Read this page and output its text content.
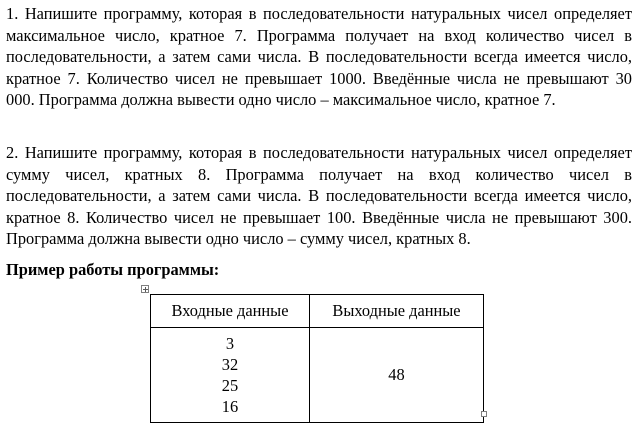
1. Напишите программу, которая в последовательности натуральных чисел определяет максимальное число, кратное 7. Программа получает на вход количество чисел в последовательности, а затем сами числа. В последовательности всегда имеется число, кратное 7. Количество чисел не превышает 1000. Введённые числа не превышают 30 000. Программа должна вывести одно число – максимальное число, кратное 7.

2. Напишите программу, которая в последовательности натуральных чисел определяет сумму чисел, кратных 8. Программа получает на вход количество чисел в последовательности, а затем сами числа. В последовательности всегда имеется число, кратное 8. Количество чисел не превышает 100. Введённые числа не превышают 300. Программа должна вывести одно число – сумму чисел, кратных 8.

Пример работы программы:

Входные данные	Выходные данные

3
32
25
16	48
